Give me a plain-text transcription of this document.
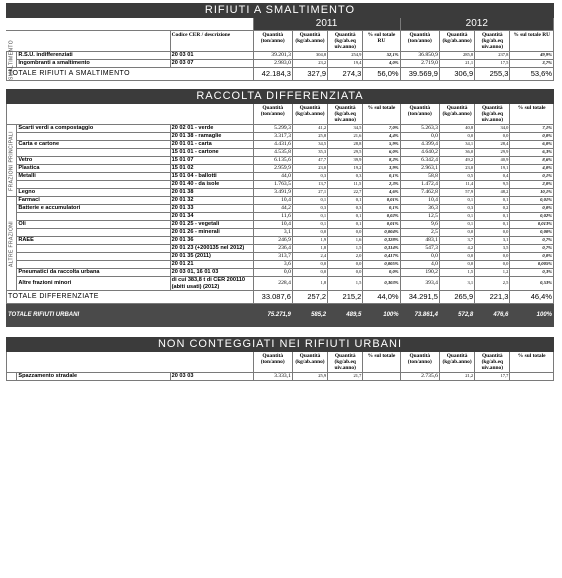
RIFIUTI A SMALTIMENTO										
			2011				2012			
		Codice CER / descrizione	Quantità (ton/anno)	Quantità (kg/ab.anno)	Quantità (kg/ab.eq uiv.anno)	% sul totale RU	Quantità (ton/anno)	Quantità (kg/ab.anno)	Quantità (kg/ab.eq uiv.anno)	% sul totale RU

SMALTIMENTO	R.S.U. indifferenziati	20 03 01	39.201,3	304,8	254,9	52,1%	36.850,9	285,8	237,8	49,9%
	Ingombranti a smaltimento	20 03 07	2.983,0	23,2	19,4	4,0%	2.719,0	21,1	17,5	3,7%
TOTALE RIFIUTI A SMALTIMENTO			42.184,3	327,9	274,3	56,0%	39.569,9	306,9	255,3	53,6%

RACCOLTA DIFFERENZIATA										
			Quantità (ton/anno)	Quantità (kg/ab.anno)	Quantità (kg/ab.eq uiv.anno)	% sul totale	Quantità (ton/anno)	Quantità (kg/ab.anno)	Quantità (kg/ab.eq uiv.anno)	% sul totale

FRAZIONI PRINCIPALI	Scarti verdi a compostaggio	20 02 01 - verde	5.299,3	41,2	34,5	7,0%	5.263,3	40,8	34,0	7,1%
		20 01 38 - ramaglie	3.317,3	25,8	21,6	4,4%	0,0	0,0	0,0	0,0%
	Carta e cartone	20 01 01 - carta	4.431,6	34,5	28,8	5,9%	4.399,4	34,1	28,4	6,0%
		15 01 01 - cartone	4.535,8	35,3	29,5	6,0%	4.640,2	36,0	29,9	6,3%
	Vetro	15 01 07	6.135,6	47,7	39,9	8,2%	6.342,4	49,2	40,9	8,6%
	Plastica	15 01 02	2.959,9	23,0	19,2	3,9%	2.963,1	23,0	19,1	4,0%
	Metalli	15 01 04 - ballotti	44,0	0,3	0,3	0,1%	58,8	0,5	0,4	0,1%
		20 01 40 - da isole	1.763,5	13,7	11,5	2,3%	1.472,4	11,4	9,5	2,0%
	Legno	20 01 38	3.491,9	27,1	22,7	4,6%	7.462,8	57,9	48,2	10,1%

ALTRE FRAZIONI	Farmaci	20 01 32	10,4	0,1	0,1	0,01%	10,4	0,1	0,1	0,01%
	Batterie e accumulatori	20 01 33	44,2	0,3	0,3	0,1%	36,3	0,3	0,2	0,0%
		20 01 34	11,6	0,1	0,1	0,02%	12,5	0,1	0,1	0,02%
	Oli	20 01 25 - vegetali	10,4	0,1	0,1	0,01%	9,6	0,1	0,1	0,013%
		20 01 26 - minerali	3,1	0,0	0,0	0,004%	2,5	0,0	0,0	0,00%
	RAEE	20 01 36	246,9	1,9	1,6	0,328%	483,1	3,7	3,1	0,7%
		20 01 23 (+200135 nel 2012)	236,4	1,8	1,5	0,314%	547,3	4,2	3,5	0,7%
		20 01 35 (2011)	313,7	2,4	2,0	0,417%	0,0	0,0	0,0	0,0%
		20 01 21	3,6	0,0	0,0	0,005%	4,0	0,0	0,0	0,005%
	Pneumatici da raccolta urbana	20 03 01, 16 01 03	0,0	0,0	0,0	0,0%	190,2	1,5	1,2	0,3%
	Altre frazioni minori	di cui 383,8 t di CER 200110 (abiti usati) (2012)	228,4	1,8	1,5	0,303%	393,4	3,1	2,5	0,53%
TOTALE DIFFERENZIATE			33.087,6	257,2	215,2	44,0%	34.291,5	265,9	221,3	46,4%
TOTALE RIFIUTI URBANI			75.271,9	585,2	489,5	100%	73.861,4	572,8	476,6	100%

NON CONTEGGIATI NEI RIFIUTI URBANI										
			Quantità (ton/anno)	Quantità (kg/ab.anno)	Quantità (kg/ab.eq uiv.anno)	% sul totale	Quantità (ton/anno)	Quantità (kg/ab.anno)	Quantità (kg/ab.eq uiv.anno)	% sul totale
	Spazzamento stradale	20 03 03	3.333,1	25,9	21,7		2.735,6	21,2	17,7	
